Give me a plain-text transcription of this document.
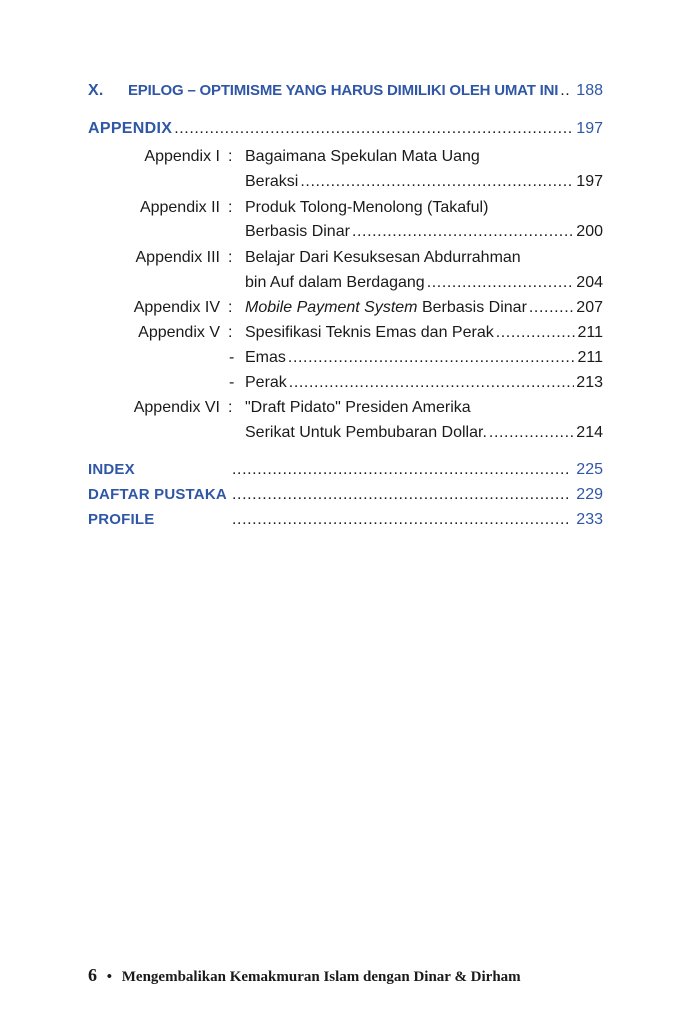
X.	EPILOG – OPTIMISME YANG HARUS DIMILIKI OLEH UMAT INI ..... 188
APPENDIX .....	197
Appendix I : Bagaimana Spekulan Mata Uang
Beraksi .....	197
Appendix II : Produk Tolong-Menolong (Takaful)
Berbasis Dinar .....	200
Appendix III : Belajar Dari Kesuksesan Abdurrahman
bin Auf dalam Berdagang .....	204
Appendix IV : Mobile Payment System Berbasis Dinar .....	207
Appendix V : Spesifikasi Teknis Emas dan Perak .....	211
- Emas .....	211
- Perak .....	213
Appendix VI : "Draft Pidato" Presiden Amerika
Serikat Untuk Pembubaran Dollar. .....	214
INDEX .....	225
DAFTAR PUSTAKA .....	229
PROFILE .....	233
6 • Mengembalikan Kemakmuran Islam dengan Dinar & Dirham
